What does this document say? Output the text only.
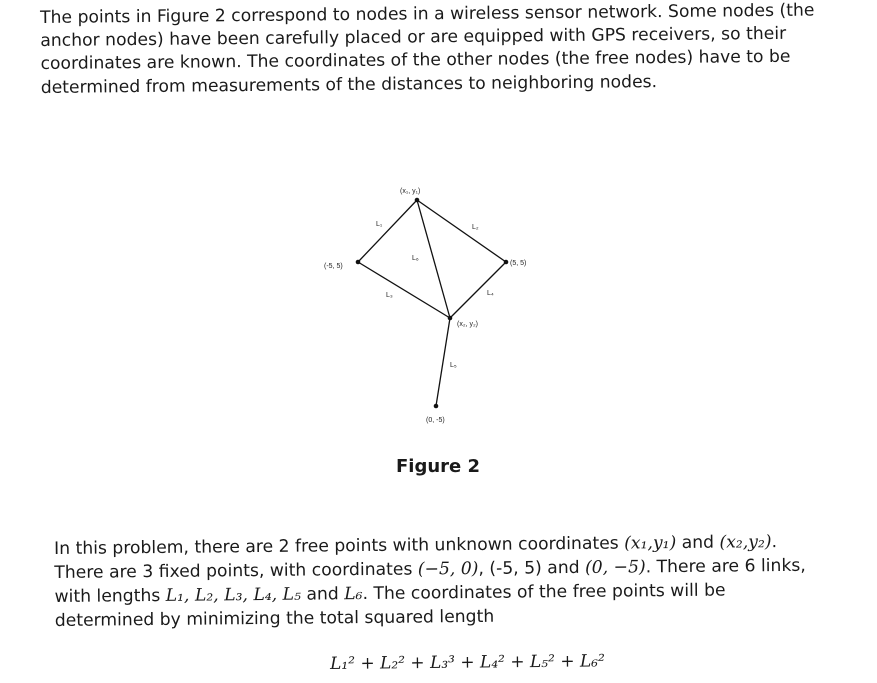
The points in Figure 2 correspond to nodes in a wireless sensor network. Some nodes (the anchor nodes) have been carefully placed or are equipped with GPS receivers, so their coordinates are known. The coordinates of the other nodes (the free nodes) have to be determined from measurements of the distances to neighboring nodes.

(x₁, y₁)
(-5, 5)	(5, 5)
(x₂, y₂)
(0, -5)
L₁	L₂
L₃	L₄
L₅
L₆

Figure 2

In this problem, there are 2 free points with unknown coordinates (x₁,y₁) and (x₂,y₂). There are 3 fixed points, with coordinates (−5, 0), (-5, 5) and (0, −5). There are 6 links, with lengths L₁, L₂, L₃, L₄, L₅ and L₆. The coordinates of the free points will be determined by minimizing the total squared length

L₁² + L₂² + L₃³ + L₄² + L₅² + L₆²
